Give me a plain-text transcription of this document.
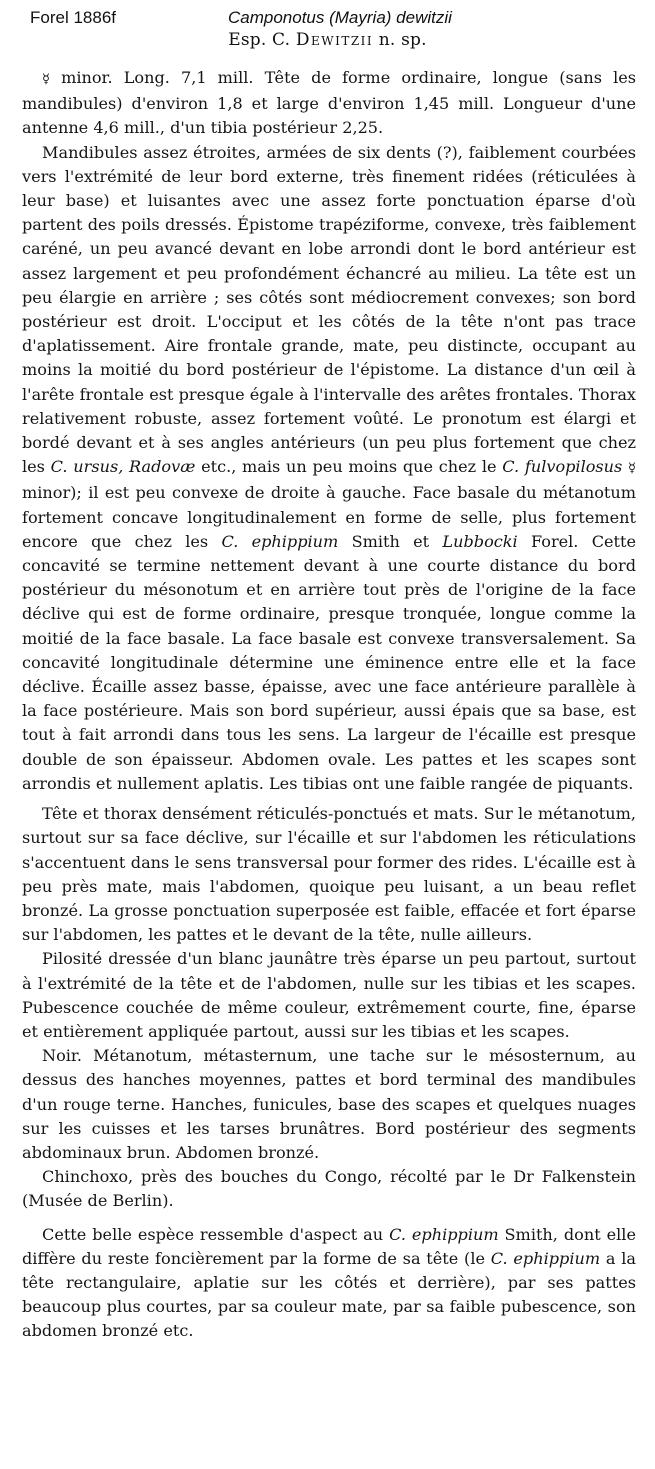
Forel 1886f	Camponotus (Mayria) dewitzii
Esp. C. Dewitzii n. sp.

☿ minor. Long. 7,1 mill. Tête de forme ordinaire, longue (sans les mandibules) d'environ 1,8 et large d'environ 1,45 mill. Longueur d'une antenne 4,6 mill., d'un tibia postérieur 2,25.

Mandibules assez étroites, armées de six dents (?), faiblement courbées vers l'extrémité de leur bord externe, très finement ridées (réticulées à leur base) et luisantes avec une assez forte ponctuation éparse d'où partent des poils dressés. Épistome trapéziforme, convexe, très faiblement caréné, un peu avancé devant en lobe arrondi dont le bord antérieur est assez largement et peu profondément échancré au milieu. La tête est un peu élargie en arrière ; ses côtés sont médiocrement convexes; son bord postérieur est droit. L'occiput et les côtés de la tête n'ont pas trace d'aplatissement. Aire frontale grande, mate, peu distincte, occupant au moins la moitié du bord postérieur de l'épistome. La distance d'un œil à l'arête frontale est presque égale à l'intervalle des arêtes frontales. Thorax relativement robuste, assez fortement voûté. Le pronotum est élargi et bordé devant et à ses angles antérieurs (un peu plus fortement que chez les C. ursus, Radovæ etc., mais un peu moins que chez le C. fulvopilosus ☿ minor); il est peu convexe de droite à gauche. Face basale du métanotum fortement concave longitudinalement en forme de selle, plus fortement encore que chez les C. ephippium Smith et Lubbocki Forel. Cette concavité se termine nettement devant à une courte distance du bord postérieur du mésonotum et en arrière tout près de l'origine de la face déclive qui est de forme ordinaire, presque tronquée, longue comme la moitié de la face basale. La face basale est convexe transversalement. Sa concavité longitudinale détermine une éminence entre elle et la face déclive. Écaille assez basse, épaisse, avec une face antérieure parallèle à la face postérieure. Mais son bord supérieur, aussi épais que sa base, est tout à fait arrondi dans tous les sens. La largeur de l'écaille est presque double de son épaisseur. Abdomen ovale. Les pattes et les scapes sont arrondis et nullement aplatis. Les tibias ont une faible rangée de piquants.

Tête et thorax densément réticulés-ponctués et mats. Sur le métanotum, surtout sur sa face déclive, sur l'écaille et sur l'abdomen les réticulations s'accentuent dans le sens transversal pour former des rides. L'écaille est à peu près mate, mais l'abdomen, quoique peu luisant, a un beau reflet bronzé. La grosse ponctuation superposée est faible, effacée et fort éparse sur l'abdomen, les pattes et le devant de la tête, nulle ailleurs.

Pilosité dressée d'un blanc jaunâtre très éparse un peu partout, surtout à l'extrémité de la tête et de l'abdomen, nulle sur les tibias et les scapes. Pubescence couchée de même couleur, extrêmement courte, fine, éparse et entièrement appliquée partout, aussi sur les tibias et les scapes.

Noir. Métanotum, métasternum, une tache sur le mésosternum, au dessus des hanches moyennes, pattes et bord terminal des mandibules d'un rouge terne. Hanches, funicules, base des scapes et quelques nuages sur les cuisses et les tarses brunâtres. Bord postérieur des segments abdominaux brun. Abdomen bronzé.

Chinchoxo, près des bouches du Congo, récolté par le Dr Falkenstein (Musée de Berlin).

Cette belle espèce ressemble d'aspect au C. ephippium Smith, dont elle diffère du reste foncièrement par la forme de sa tête (le C. ephippium a la tête rectangulaire, aplatie sur les côtés et derrière), par ses pattes beaucoup plus courtes, par sa couleur mate, par sa faible pubescence, son abdomen bronzé etc.
